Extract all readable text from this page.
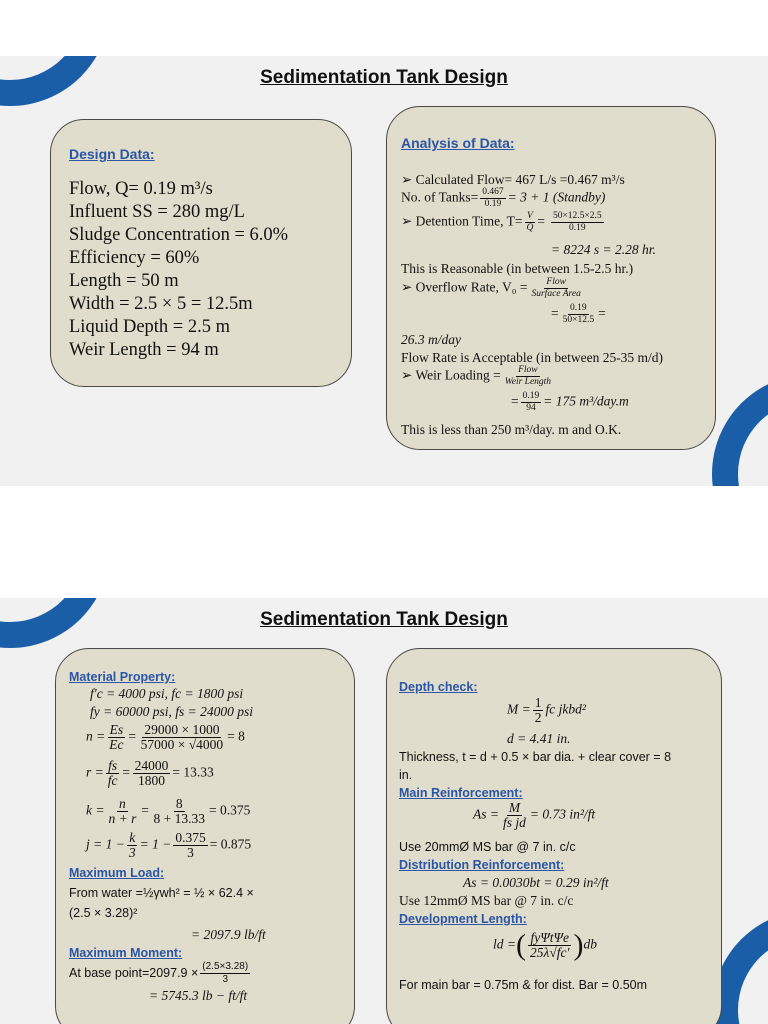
Sedimentation Tank Design
Design Data:
Flow, Q= 0.19 m³/s
Influent SS = 280 mg/L
Sludge Concentration = 6.0%
Efficiency = 60%
Length = 50 m
Width = 2.5 × 5 = 12.5m
Liquid Depth = 2.5 m
Weir Length = 94 m
Analysis of Data:
➢ Calculated Flow= 467 L/s =0.467 m³/s
No. of Tanks= $\frac{0.467}{0.19} = 3 + 1$ (Standby)
➢ Detention Time, $T= \frac{V}{Q} = \frac{50\times 12.5\times 2.5}{0.19}$
= 8224 s = 2.28 hr.
This is Reasonable (in between 1.5-2.5 hr.)
➢ Overflow Rate, $V_0 = \frac{\text{Flow}}{\text{Surface Area}}$
= $\frac{0.19}{50\times 12.5}$ =
26.3 m/day
Flow Rate is Acceptable (in between 25-35 m/d)
➢ Weir Loading = $\frac{\text{Flow}}{\text{Weir Length}}$
= $\frac{0.19}{94} = 175$ m³/day.m
This is less than 250 m³/day. m and O.K.
Sedimentation Tank Design
Material Property:
f′c = 4000 psi, fc = 1800 psi
fy = 60000 psi, fs = 24000 psi
$n = \frac{Es}{Ec} = \frac{29000 \times 1000}{57000 \times √4000} = 8$
$r = \frac{fs}{fc} = \frac{24000}{1800} = 13.33$
$k = \frac{n}{n + r} = \frac{8}{8 + 13.33} = 0.375$
$j = 1 - \frac{k}{3} = 1 - \frac{0.375}{3} = 0.875$
Maximum Load:
From water =½γwh² = ½ × 62.4 ×
(2.5 × 3.28)²
= 2097.9 lb/ft
Maximum Moment:
At base point=2097.9 × $\frac{(2.5\times 3.28)}{3}$
= 5745.3 lb − ft/ft
Depth check:
$M = \frac{1}{2}$ fc jkbd²
d = 4.41 in.
Thickness, t = d + 0.5 × bar dia. + clear cover = 8
in.
Main Reinforcement:
$As = \frac{M}{\text{fs jd}} = 0.73$ in²/ft
Use 20mmØ MS bar @ 7 in. c/c
Distribution Reinforcement:
As = 0.0030bt = 0.29 in²/ft
Use 12mmØ MS bar @ 7 in. c/c
Development Length:
ld =( $\frac{\text{fyΨtΨe}}{25\lambda√fc'} )db$
For main bar = 0.75m & for dist. Bar = 0.50m
